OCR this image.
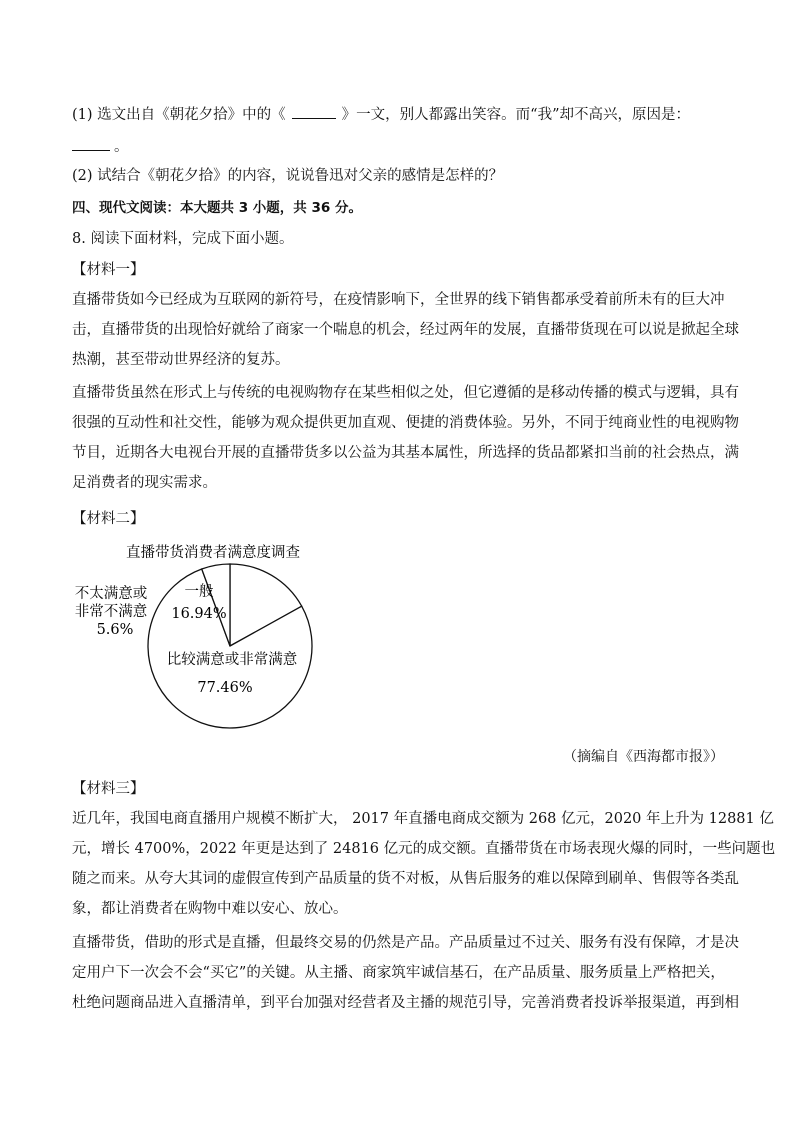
(1) 选文出自《朝花夕拾》中的《	》一文，别人都露出笑容。而“我”却不高兴，原因是：
。
(2) 试结合《朝花夕拾》的内容，说说鲁迅对父亲的感情是怎样的？
四、现代文阅读：本大题共 3 小题，共 36 分。
8. 阅读下面材料，完成下面小题。
【材料一】
直播带货如今已经成为互联网的新符号，在疫情影响下，全世界的线下销售都承受着前所未有的巨大冲
击，直播带货的出现恰好就给了商家一个喘息的机会，经过两年的发展，直播带货现在可以说是掀起全球
热潮，甚至带动世界经济的复苏。
直播带货虽然在形式上与传统的电视购物存在某些相似之处，但它遵循的是移动传播的模式与逻辑，具有
很强的互动性和社交性，能够为观众提供更加直观、便捷的消费体验。另外，不同于纯商业性的电视购物
节目，近期各大电视台开展的直播带货多以公益为其基本属性，所选择的货品都紧扣当前的社会热点，满
足消费者的现实需求。
【材料二】
直播带货消费者满意度调查
一般
16.94%
比较满意或非常满意
77.46%
不太满意或
非常不满意
5.6%
（摘编自《西海都市报》）
【材料三】
近几年，我国电商直播用户规模不断扩大， 2017 年直播电商成交额为 268 亿元，2020 年上升为 12881 亿
元，增长 4700%，2022 年更是达到了 24816 亿元的成交额。直播带货在市场表现火爆的同时，一些问题也
随之而来。从夸大其词的虚假宣传到产品质量的货不对板，从售后服务的难以保障到刷单、售假等各类乱
象，都让消费者在购物中难以安心、放心。
直播带货，借助的形式是直播，但最终交易的仍然是产品。产品质量过不过关、服务有没有保障，才是决
定用户下一次会不会“买它”的关键。从主播、商家筑牢诚信基石，在产品质量、服务质量上严格把关，
杜绝问题商品进入直播清单，到平台加强对经营者及主播的规范引导，完善消费者投诉举报渠道，再到相
